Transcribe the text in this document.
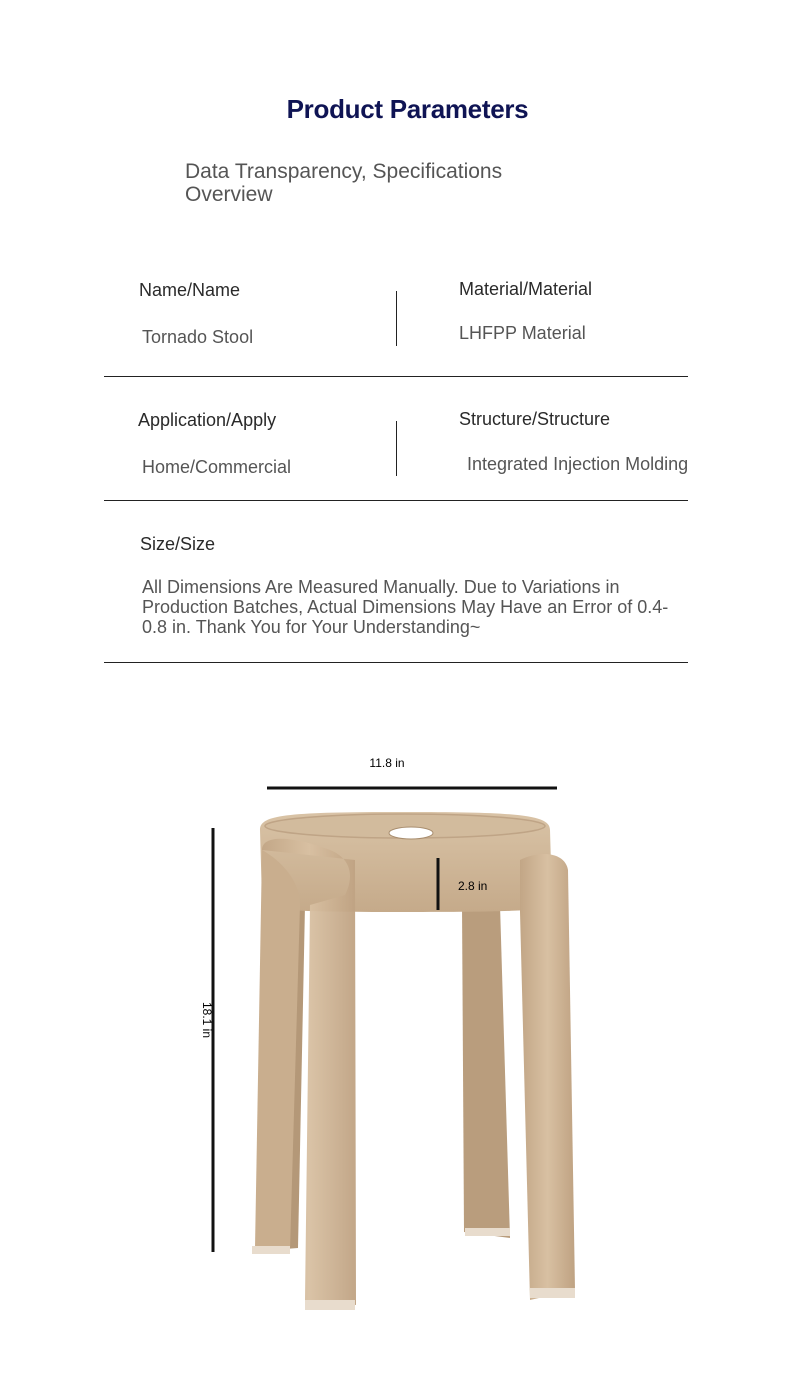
Product Parameters
Data Transparency, Specifications Overview
Name/Name
Tornado Stool
Material/Material
LHFPP Material
Application/Apply
Home/Commercial
Structure/Structure
Integrated Injection Molding
Size/Size
All Dimensions Are Measured Manually. Due to Variations in Production Batches, Actual Dimensions May Have an Error of 0.4-0.8 in. Thank You for Your Understanding~
11.8 in
2.8 in
18.1 in
